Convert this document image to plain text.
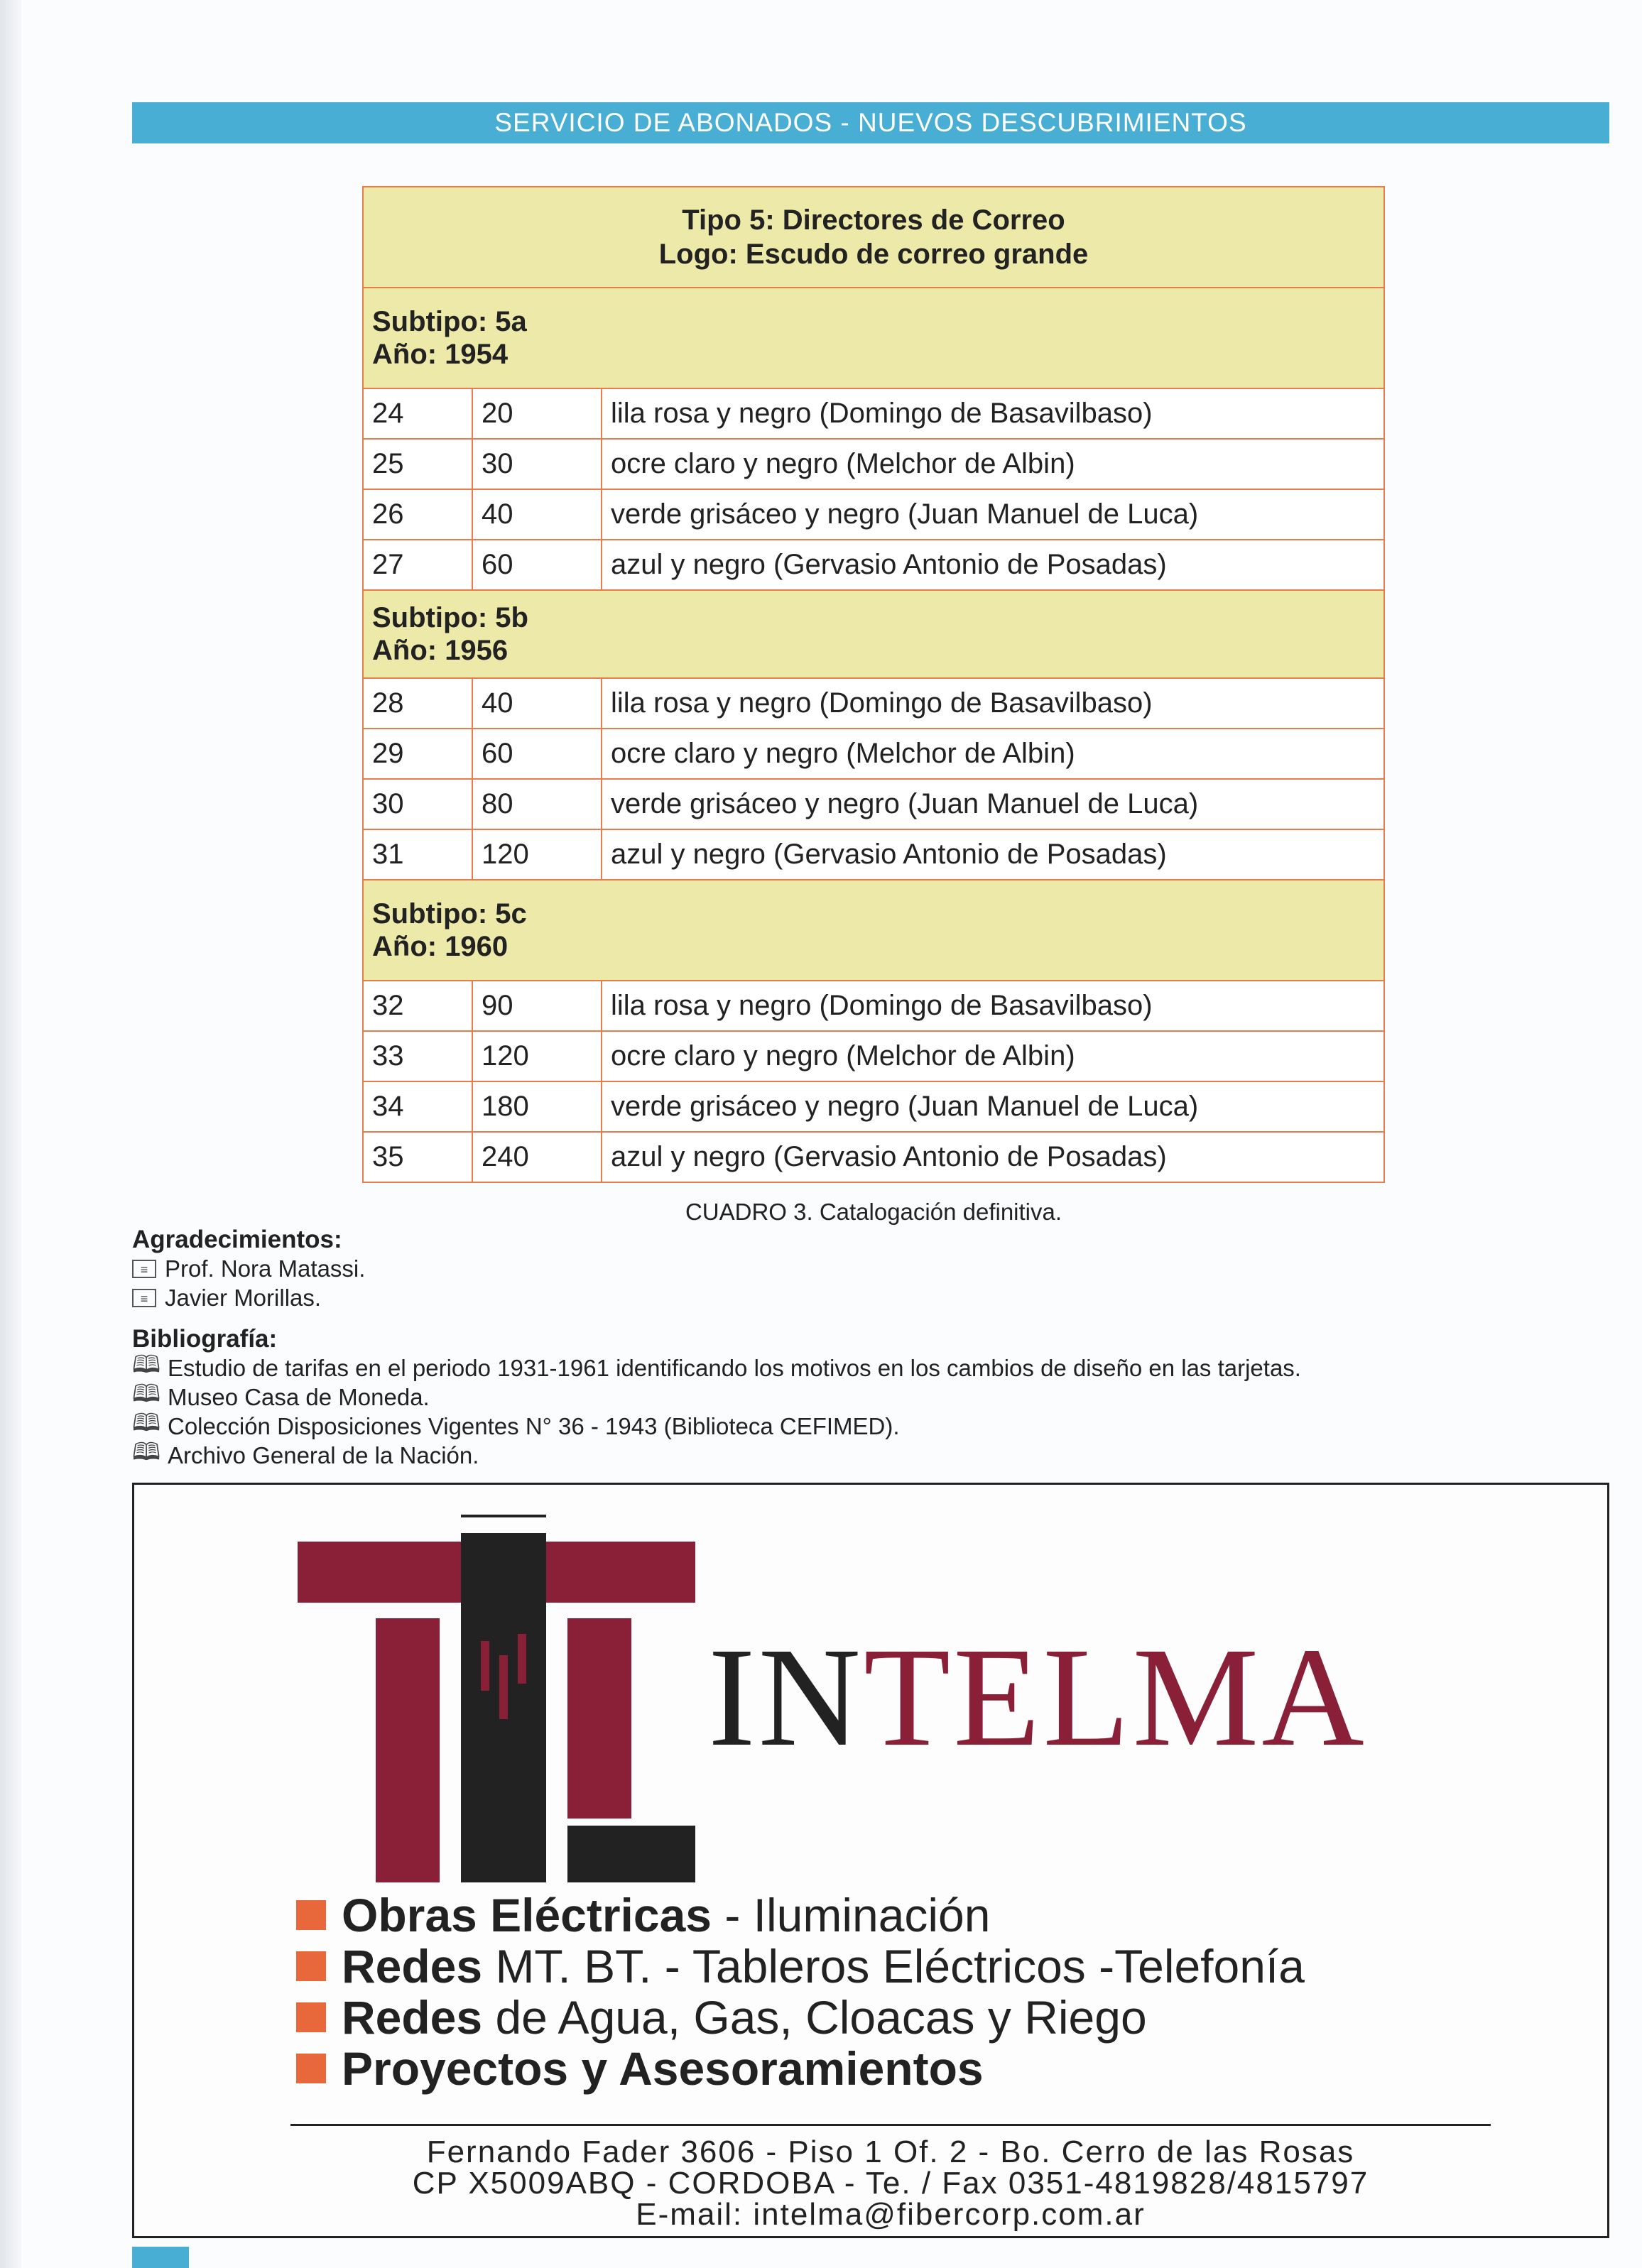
SERVICIO DE ABONADOS - NUEVOS DESCUBRIMIENTOS
Tipo 5: Directores de Correo
Logo: Escudo de correo grande		

Subtipo: 5a
Año: 1954		

24	20	lila rosa y negro (Domingo de Basavilbaso)
25	30	ocre claro y negro (Melchor de Albin)
26	40	verde grisáceo y negro (Juan Manuel de Luca)
27	60	azul y negro (Gervasio Antonio de Posadas)

Subtipo: 5b
Año: 1956		

28	40	lila rosa y negro (Domingo de Basavilbaso)
29	60	ocre claro y negro (Melchor de Albin)
30	80	verde grisáceo y negro (Juan Manuel de Luca)
31	120	azul y negro (Gervasio Antonio de Posadas)

Subtipo: 5c
Año: 1960		

32	90	lila rosa y negro (Domingo de Basavilbaso)
33	120	ocre claro y negro (Melchor de Albin)
34	180	verde grisáceo y negro (Juan Manuel de Luca)
35	240	azul y negro (Gervasio Antonio de Posadas)
CUADRO 3. Catalogación definitiva.
Agradecimientos:
≡ Prof. Nora Matassi.
≡ Javier Morillas.
Bibliografía:
🕮 Estudio de tarifas en el periodo 1931-1961 identificando los motivos en los cambios de diseño en las tarjetas.
🕮 Museo Casa de Moneda.
🕮 Colección Disposiciones Vigentes N° 36 - 1943 (Biblioteca CEFIMED).
🕮 Archivo General de la Nación.
INTELMA
Obras Eléctricas - Iluminación
Redes MT. BT. - Tableros Eléctricos -Telefonía
Redes de Agua, Gas, Cloacas y Riego
Proyectos y Asesoramientos
Fernando Fader 3606 - Piso 1 Of. 2 - Bo. Cerro de las Rosas
CP X5009ABQ - CORDOBA - Te. / Fax 0351-4819828/4815797
E-mail: intelma@fibercorp.com.ar
